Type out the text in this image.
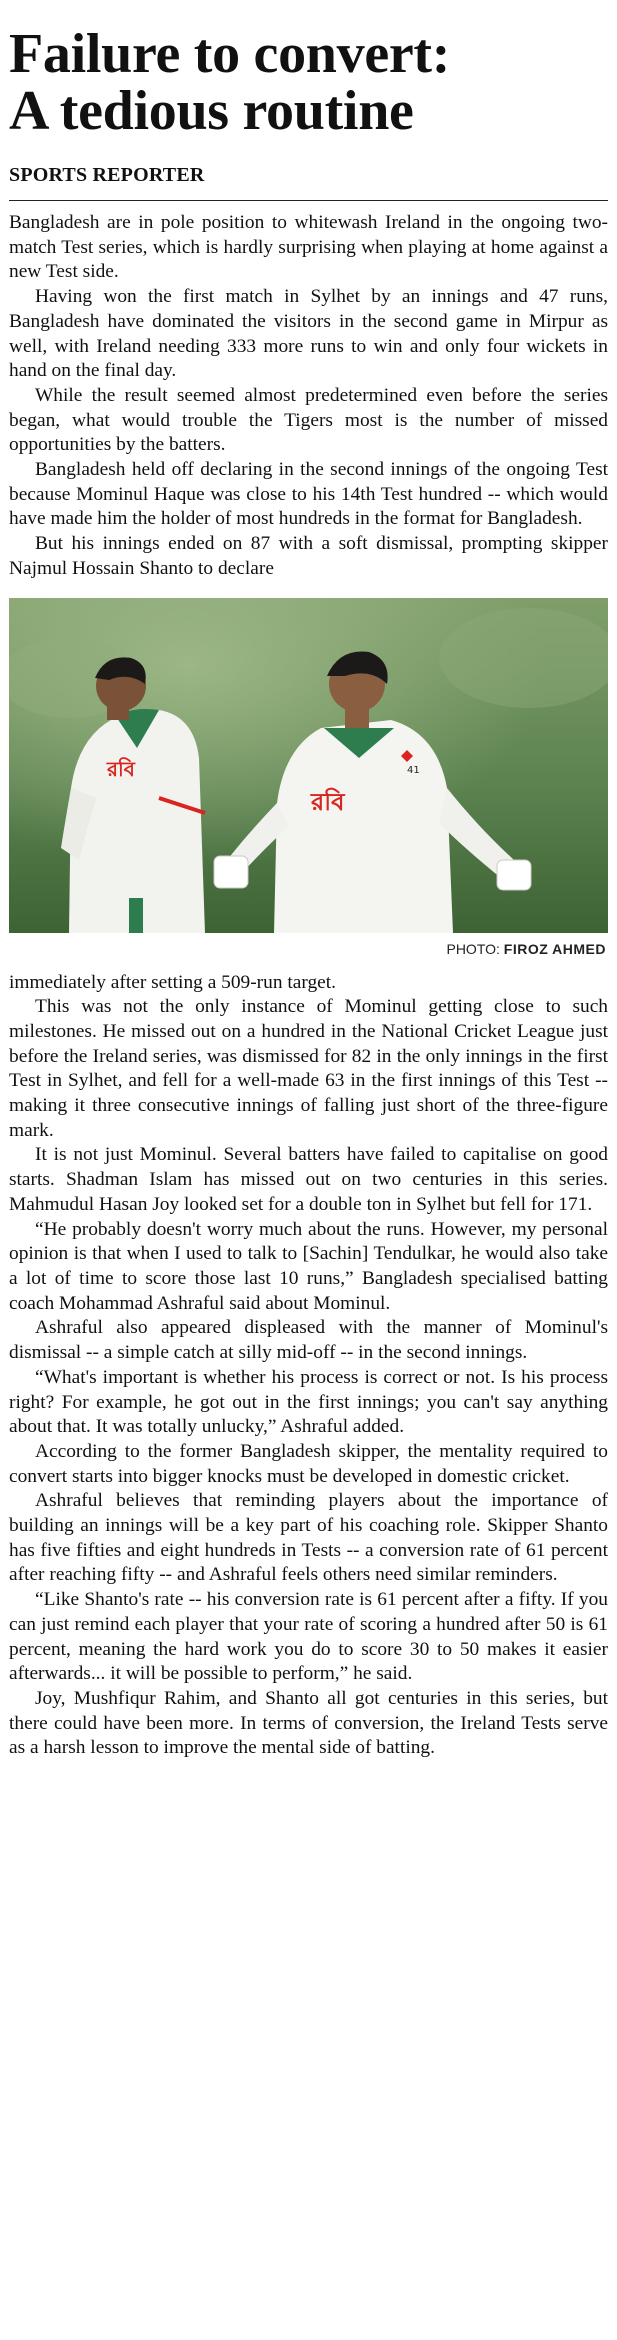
Failure to convert:
A tedious routine
SPORTS REPORTER

Bangladesh are in pole position to whitewash Ireland in the ongoing two-match Test series, which is hardly surprising when playing at home against a new Test side.

Having won the first match in Sylhet by an innings and 47 runs, Bangladesh have dominated the visitors in the second game in Mirpur as well, with Ireland needing 333 more runs to win and only four wickets in hand on the final day.

While the result seemed almost predetermined even before the series began, what would trouble the Tigers most is the number of missed opportunities by the batters.

Bangladesh held off declaring in the second innings of the ongoing Test because Mominul Haque was close to his 14th Test hundred -- which would have made him the holder of most hundreds in the format for Bangladesh.

But his innings ended on 87 with a soft dismissal, prompting skipper Najmul Hossain Shanto to declare

রবি
রবি
41
PHOTO: FIROZ AHMED

immediately after setting a 509-run target.

This was not the only instance of Mominul getting close to such milestones. He missed out on a hundred in the National Cricket League just before the Ireland series, was dismissed for 82 in the only innings in the first Test in Sylhet, and fell for a well-made 63 in the first innings of this Test -- making it three consecutive innings of falling just short of the three-figure mark.

It is not just Mominul. Several batters have failed to capitalise on good starts. Shadman Islam has missed out on two centuries in this series. Mahmudul Hasan Joy looked set for a double ton in Sylhet but fell for 171.

“He probably doesn't worry much about the runs. However, my personal opinion is that when I used to talk to [Sachin] Tendulkar, he would also take a lot of time to score those last 10 runs,” Bangladesh specialised batting coach Mohammad Ashraful said about Mominul.

Ashraful also appeared displeased with the manner of Mominul's dismissal -- a simple catch at silly mid-off -- in the second innings.

“What's important is whether his process is correct or not. Is his process right? For example, he got out in the first innings; you can't say anything about that. It was totally unlucky,” Ashraful added.

According to the former Bangladesh skipper, the mentality required to convert starts into bigger knocks must be developed in domestic cricket.

Ashraful believes that reminding players about the importance of building an innings will be a key part of his coaching role. Skipper Shanto has five fifties and eight hundreds in Tests -- a conversion rate of 61 percent after reaching fifty -- and Ashraful feels others need similar reminders.

“Like Shanto's rate -- his conversion rate is 61 percent after a fifty. If you can just remind each player that your rate of scoring a hundred after 50 is 61 percent, meaning the hard work you do to score 30 to 50 makes it easier afterwards... it will be possible to perform,” he said.

Joy, Mushfiqur Rahim, and Shanto all got centuries in this series, but there could have been more. In terms of conversion, the Ireland Tests serve as a harsh lesson to improve the mental side of batting.
